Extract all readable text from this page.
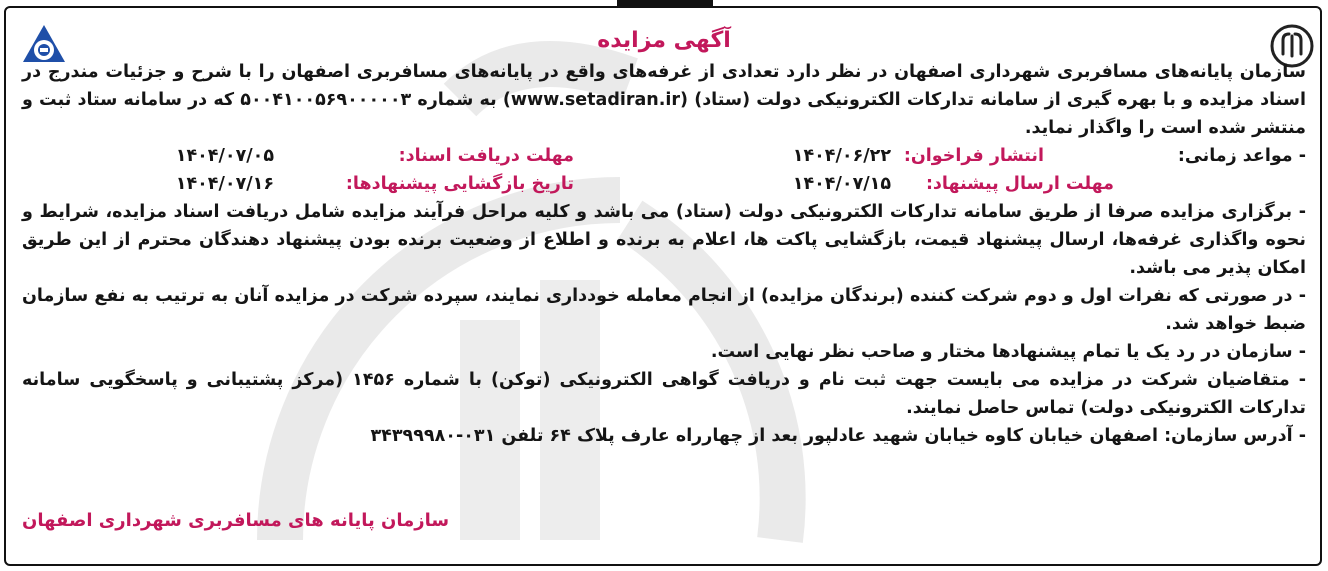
آگهی مزایده

سازمان پایانه‌های مسافربری شهرداری اصفهان در نظر دارد تعدادی از غرفه‌های واقع در پایانه‌های مسافربری اصفهان را با شرح و جزئیات مندرج در اسناد مزایده و با بهره گیری از سامانه تدارکات الکترونیکی دولت (ستاد) (www.setadiran.ir) به شماره ۵۰۰۴۱۰۰۵۶۹۰۰۰۰۰۳ که در سامانه ستاد ثبت و منتشر شده است را واگذار نماید.

- مواعد زمانی:
انتشار فراخوان:
۱۴۰۴/۰۶/۲۲
مهلت دریافت اسناد:
۱۴۰۴/۰۷/۰۵
مهلت ارسال پیشنهاد:
۱۴۰۴/۰۷/۱۵
تاریخ بازگشایی پیشنهادها:
۱۴۰۴/۰۷/۱۶

- برگزاری مزایده صرفا از طریق سامانه تدارکات الکترونیکی دولت (ستاد) می باشد و کلیه مراحل فرآیند مزایده شامل دریافت اسناد مزایده، شرایط و نحوه واگذاری غرفه‌ها، ارسال پیشنهاد قیمت، بازگشایی پاکت ها، اعلام به برنده و اطلاع از وضعیت برنده بودن پیشنهاد دهندگان محترم از این طریق امکان پذیر می باشد.

- در صورتی که نفرات اول و دوم شرکت کننده (برندگان مزایده) از انجام معامله خودداری نمایند، سپرده شرکت در مزایده آنان به ترتیب به نفع سازمان ضبط خواهد شد.

- سازمان در رد یک یا تمام پیشنهادها مختار و صاحب نظر نهایی است.

- متقاضیان شرکت در مزایده می بایست جهت ثبت نام و دریافت گواهی الکترونیکی (توکن) با شماره ۱۴۵۶ (مرکز پشتیبانی و پاسخگویی سامانه تدارکات الکترونیکی دولت) تماس حاصل نمایند.

- آدرس سازمان: اصفهان خیابان کاوه خیابان شهید عادلپور بعد از چهارراه عارف پلاک ۶۴ تلفن ۰۳۱-۳۴۳۹۹۹۸۰

سازمان پایانه های مسافربری شهرداری اصفهان
